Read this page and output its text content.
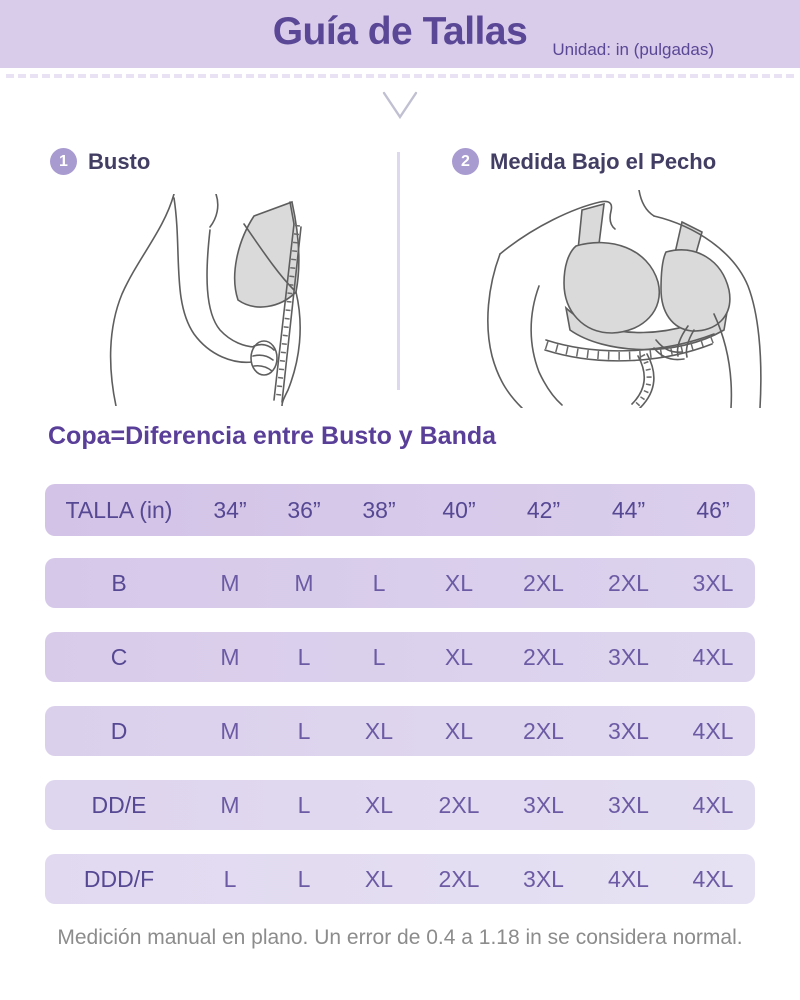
Guía de Tallas Unidad: in (pulgadas)
1 Busto	2 Medida Bajo el Pecho
Copa=Diferencia entre Busto y Banda
TALLA (in)	34”	36”	38”	40”	42”	44”	46”
B	M	M	L	XL	2XL	2XL	3XL
C	M	L	L	XL	2XL	3XL	4XL
D	M	L	XL	XL	2XL	3XL	4XL
DD/E	M	L	XL	2XL	3XL	3XL	4XL
DDD/F	L	L	XL	2XL	3XL	4XL	4XL

Medición manual en plano. Un error de 0.4 a 1.18 in se considera normal.
